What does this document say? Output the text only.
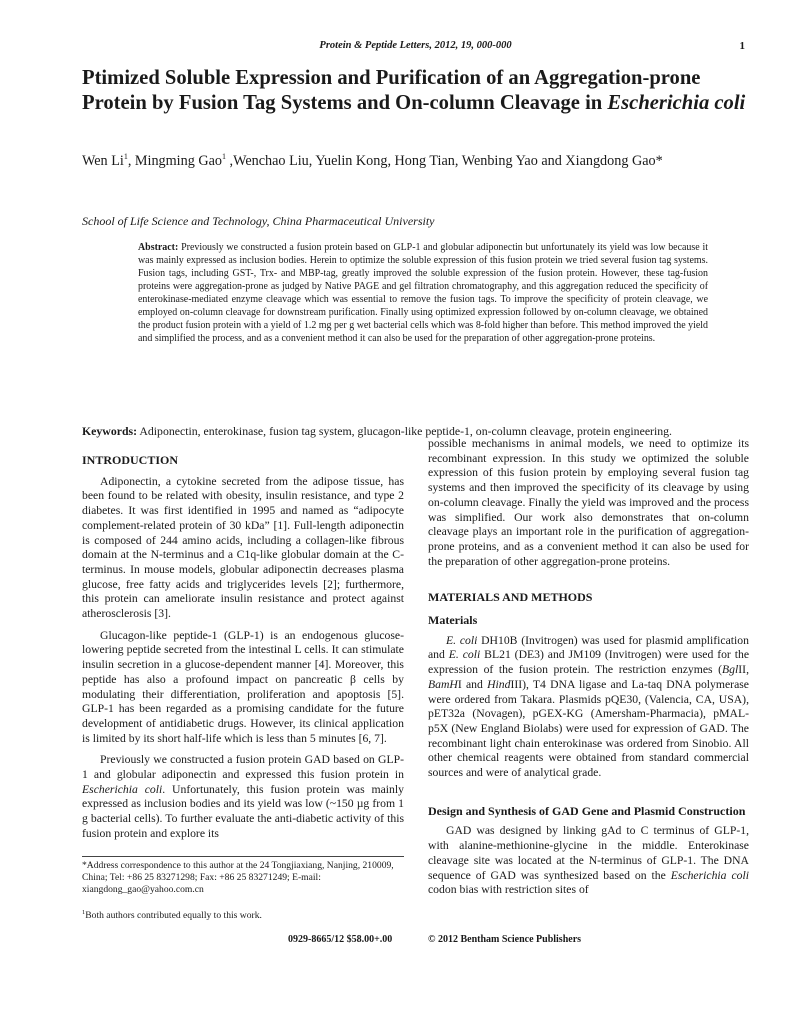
Protein & Peptide Letters, 2012, 19, 000-000	1
Ptimized Soluble Expression and Purification of an Aggregation-prone Protein by Fusion Tag Systems and On-column Cleavage in Escherichia coli
Wen Li$^1$, Mingming Gao$^1$ ,Wenchao Liu, Yuelin Kong, Hong Tian, Wenbing Yao and Xiangdong Gao*
School of Life Science and Technology, China Pharmaceutical University
Abstract: Previously we constructed a fusion protein based on GLP-1 and globular adiponectin but unfortunately its yield was low because it was mainly expressed as inclusion bodies. Herein to optimize the soluble expression of this fusion protein we tried several fusion tag systems. Fusion tags, including GST-, Trx- and MBP-tag, greatly improved the soluble expression of the fusion protein. However, these tag-fusion proteins were aggregation-prone as judged by Native PAGE and gel filtration chromatography, and this aggregation reduced the specificity of enterokinase-mediated enzyme cleavage which was essential to remove the fusion tags. To improve the specificity of protein cleavage, we employed on-column cleavage for downstream purification. Finally using optimized expression followed by on-column cleavage, we obtained the product fusion protein with a yield of 1.2 mg per g wet bacterial cells which was 8-fold higher than before. This method improved the yield and simplified the process, and as a convenient method it can also be used for the preparation of other aggregation-prone proteins.
Keywords: Adiponectin, enterokinase, fusion tag system, glucagon-like peptide-1, on-column cleavage, protein engineering.
INTRODUCTION

Adiponectin, a cytokine secreted from the adipose tissue, has been found to be related with obesity, insulin resistance, and type 2 diabetes. It was first identified in 1995 and named as “adipocyte complement-related protein of 30 kDa” [1]. Full-length adiponectin is composed of 244 amino acids, including a collagen-like fibrous domain at the N-terminus and a C1q-like globular domain at the C-terminus. In mouse models, globular adiponectin decreases plasma glucose, free fatty acids and triglycerides levels [2]; furthermore, this protein can ameliorate insulin resistance and protect against atherosclerosis [3].

Glucagon-like peptide-1 (GLP-1) is an endogenous glucose-lowering peptide secreted from the intestinal L cells. It can stimulate insulin secretion in a glucose-dependent manner [4]. Moreover, this peptide has also a profound impact on pancreatic β cells by modulating their differentiation, proliferation and apoptosis [5]. GLP-1 has been regarded as a promising candidate for the future development of antidiabetic drugs. However, its clinical application is limited by its short half-life which is less than 5 minutes [6, 7].

Previously we constructed a fusion protein GAD based on GLP-1 and globular adiponectin and expressed this fusion protein in Escherichia coli. Unfortunately, this fusion protein was mainly expressed as inclusion bodies and its yield was low (~150 µg from 1 g bacterial cells). To further evaluate the anti-diabetic activity of this fusion protein and explore its

possible mechanisms in animal models, we need to optimize its recombinant expression. In this study we optimized the soluble expression of this fusion protein by employing several fusion tag systems and then improved the specificity of its cleavage by using on-column cleavage. Finally the yield was improved and the process was simplified. Our work also demonstrates that on-column cleavage plays an important role in the purification of aggregation-prone proteins, and as a convenient method it can also be used for the preparation of other aggregation-prone proteins.

MATERIALS AND METHODS
Materials

E. coli DH10B (Invitrogen) was used for plasmid amplification and E. coli BL21 (DE3) and JM109 (Invitrogen) were used for the expression of the fusion protein. The restriction enzymes (BglII, BamHI and HindIII), T4 DNA ligase and La-taq DNA polymerase were ordered from Takara. Plasmids pQE30, (Valencia, CA, USA), pET32a (Novagen), pGEX-KG (Amersham-Pharmacia), pMAL-p5X (New England Biolabs) were used for expression of GAD. The recombinant light chain enterokinase was ordered from Sinobio. All other chemical reagents were obtained from standard commercial sources and were of analytical grade.

Design and Synthesis of GAD Gene and Plasmid Construction

GAD was designed by linking gAd to C terminus of GLP-1, with alanine-methionine-glycine in the middle. Enterokinase cleavage site was located at the N-terminus of GLP-1. The DNA sequence of GAD was synthesized based on the Escherichia coli codon bias with restriction sites of

*Address correspondence to this author at the 24 Tongjiaxiang, Nanjing, 210009, China; Tel: +86 25 83271298; Fax: +86 25 83271249; E-mail: xiangdong_gao@yahoo.com.cn
$^1$Both authors contributed equally to this work.
0929-8665/12 $58.00+.00	© 2012 Bentham Science Publishers
